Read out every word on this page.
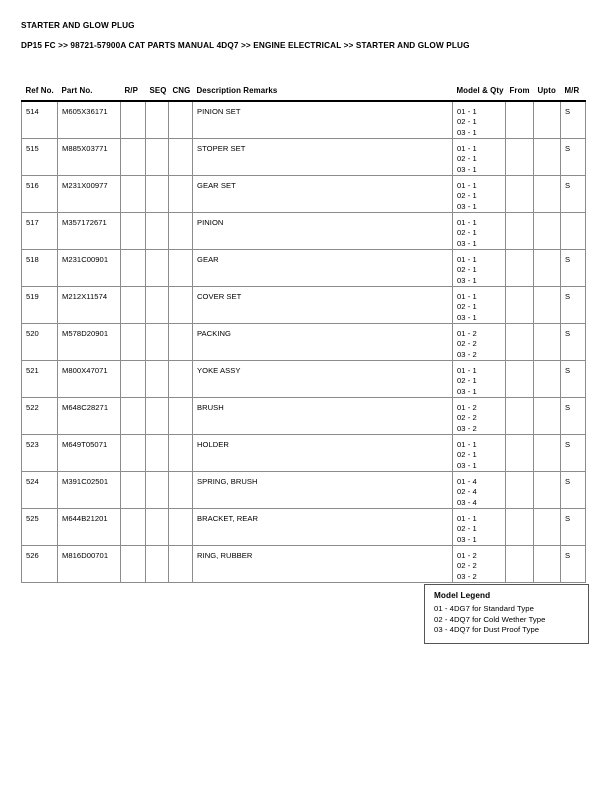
STARTER AND GLOW PLUG
DP15 FC >> 98721-57900A CAT PARTS MANUAL 4DQ7 >> ENGINE ELECTRICAL >> STARTER AND GLOW PLUG
Ref No.	Part No.	R/P	SEQ	CNG	Description Remarks	Model & Qty	From	Upto	M/R
514	M605X36171				PINION SET	01 - 1
02 - 1
03 - 1			S
515	M885X03771				STOPER SET	01 - 1
02 - 1
03 - 1			S
516	M231X00977				GEAR SET	01 - 1
02 - 1
03 - 1			S
517	M357172671				PINION	01 - 1
02 - 1
03 - 1			

518	M231C00901				GEAR	01 - 1
02 - 1
03 - 1			S
519	M212X11574				COVER SET	01 - 1
02 - 1
03 - 1			S
520	M578D20901				PACKING	01 - 2
02 - 2
03 - 2			S
521	M800X47071				YOKE ASSY	01 - 1
02 - 1
03 - 1			S
522	M648C28271				BRUSH	01 - 2
02 - 2
03 - 2			S
523	M649T05071				HOLDER	01 - 1
02 - 1
03 - 1			S
524	M391C02501				SPRING, BRUSH	01 - 4
02 - 4
03 - 4			S
525	M644B21201				BRACKET, REAR	01 - 1
02 - 1
03 - 1			S
526	M816D00701				RING, RUBBER	01 - 2
02 - 2
03 - 2			S
Model Legend
01 - 4DG7 for Standard Type
02 - 4DQ7 for Cold Wether Type
03 - 4DQ7 for Dust Proof Type
